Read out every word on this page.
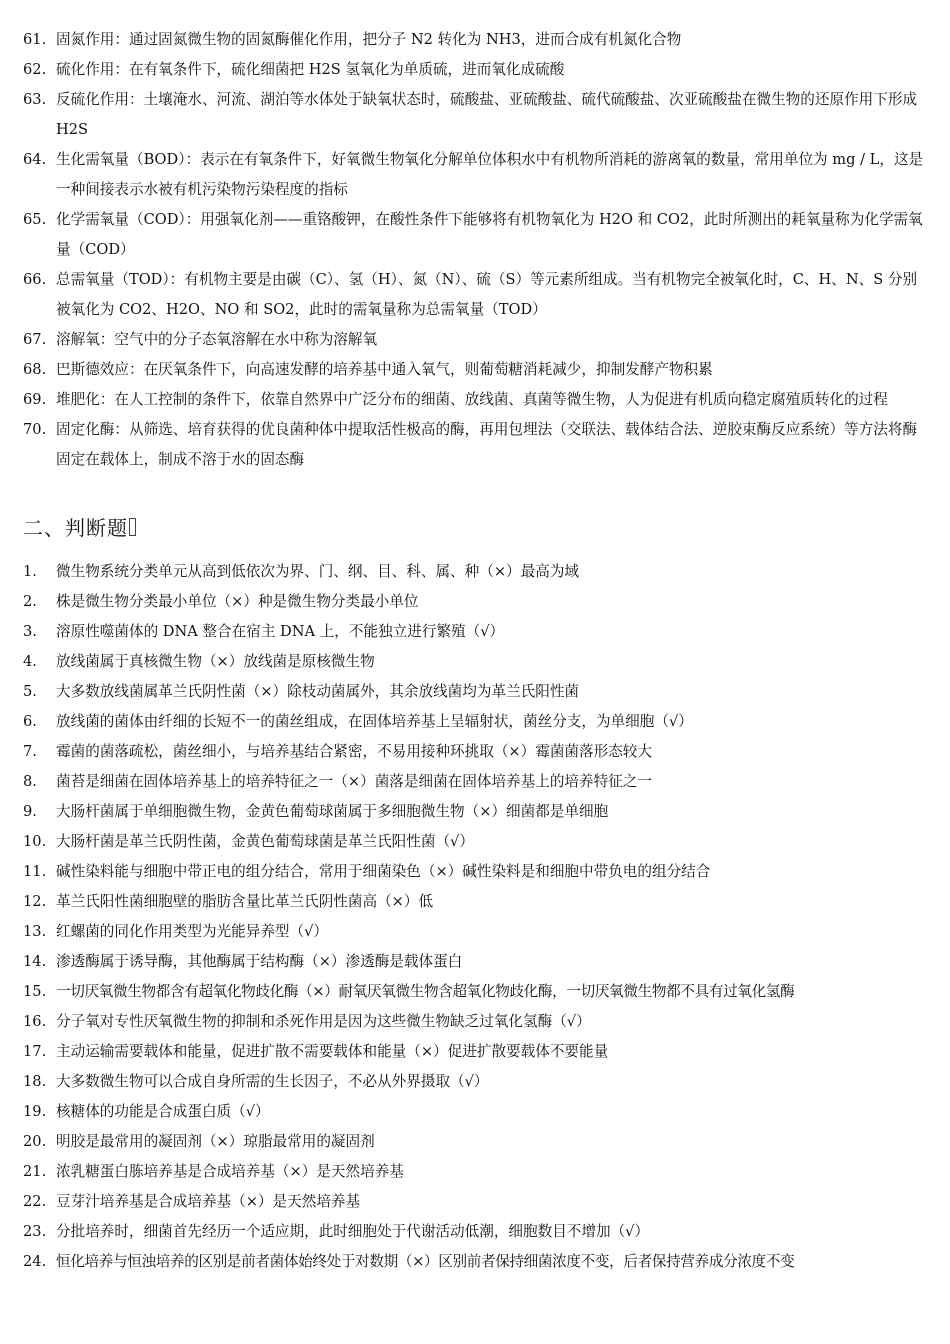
61. 固氮作用：通过固氮微生物的固氮酶催化作用，把分子 N2 转化为 NH3，进而合成有机氮化合物
62. 硫化作用：在有氧条件下，硫化细菌把 H2S 氢氧化为单质硫，进而氧化成硫酸
63. 反硫化作用：土壤淹水、河流、湖泊等水体处于缺氧状态时，硫酸盐、亚硫酸盐、硫代硫酸盐、次亚硫酸盐在微生物的还原作用下形成 H2S
64. 生化需氧量（BOD）：表示在有氧条件下，好氧微生物氧化分解单位体积水中有机物所消耗的游离氧的数量，常用单位为 mg / L，这是一种间接表示水被有机污染物污染程度的指标
65. 化学需氧量（COD）：用强氧化剂——重铬酸钾，在酸性条件下能够将有机物氧化为 H2O 和 CO2，此时所测出的耗氧量称为化学需氧量（COD）
66. 总需氧量（TOD）：有机物主要是由碳（C）、氢（H）、氮（N）、硫（S）等元素所组成。当有机物完全被氧化时，C、H、N、S 分别被氧化为 CO2、H2O、NO 和 SO2，此时的需氧量称为总需氧量（TOD）
67. 溶解氧：空气中的分子态氧溶解在水中称为溶解氧
68. 巴斯德效应：在厌氧条件下，向高速发酵的培养基中通入氧气，则葡萄糖消耗减少，抑制发酵产物积累
69. 堆肥化：在人工控制的条件下，依靠自然界中广泛分布的细菌、放线菌、真菌等微生物，人为促进有机质向稳定腐殖质转化的过程
70. 固定化酶：从筛选、培育获得的优良菌种体中提取活性极高的酶，再用包埋法（交联法、载体结合法、逆胶束酶反应系统）等方法将酶固定在载体上，制成不溶于水的固态酶
二、判断题
1.	微生物系统分类单元从高到低依次为界、门、纲、目、科、属、种（×）最高为域
2.	株是微生物分类最小单位（×）种是微生物分类最小单位
3.	溶原性噬菌体的 DNA 整合在宿主 DNA 上，不能独立进行繁殖（√）
4.	放线菌属于真核微生物（×）放线菌是原核微生物
5.	大多数放线菌属革兰氏阴性菌（×）除枝动菌属外，其余放线菌均为革兰氏阳性菌
6.	放线菌的菌体由纤细的长短不一的菌丝组成，在固体培养基上呈辐射状，菌丝分支，为单细胞（√）
7.	霉菌的菌落疏松，菌丝细小，与培养基结合紧密，不易用接种环挑取（×）霉菌菌落形态较大
8.	菌苔是细菌在固体培养基上的培养特征之一（×）菌落是细菌在固体培养基上的培养特征之一
9.	大肠杆菌属于单细胞微生物，金黄色葡萄球菌属于多细胞微生物（×）细菌都是单细胞
10. 大肠杆菌是革兰氏阴性菌，金黄色葡萄球菌是革兰氏阳性菌（√）
11. 碱性染料能与细胞中带正电的组分结合，常用于细菌染色（×）碱性染料是和细胞中带负电的组分结合
12. 革兰氏阳性菌细胞壁的脂肪含量比革兰氏阴性菌高（×）低
13. 红螺菌的同化作用类型为光能异养型（√）
14. 渗透酶属于诱导酶，其他酶属于结构酶（×）渗透酶是载体蛋白
15. 一切厌氧微生物都含有超氧化物歧化酶（×）耐氧厌氧微生物含超氧化物歧化酶，一切厌氧微生物都不具有过氧化氢酶
16. 分子氧对专性厌氧微生物的抑制和杀死作用是因为这些微生物缺乏过氧化氢酶（√）
17. 主动运输需要载体和能量，促进扩散不需要载体和能量（×）促进扩散要载体不要能量
18. 大多数微生物可以合成自身所需的生长因子，不必从外界摄取（√）
19. 核糖体的功能是合成蛋白质（√）
20. 明胶是最常用的凝固剂（×）琼脂最常用的凝固剂
21. 浓乳糖蛋白胨培养基是合成培养基（×）是天然培养基
22. 豆芽汁培养基是合成培养基（×）是天然培养基
23. 分批培养时，细菌首先经历一个适应期，此时细胞处于代谢活动低潮，细胞数目不增加（√）
24. 恒化培养与恒浊培养的区别是前者菌体始终处于对数期（×）区别前者保持细菌浓度不变，后者保持营养成分浓度不变
